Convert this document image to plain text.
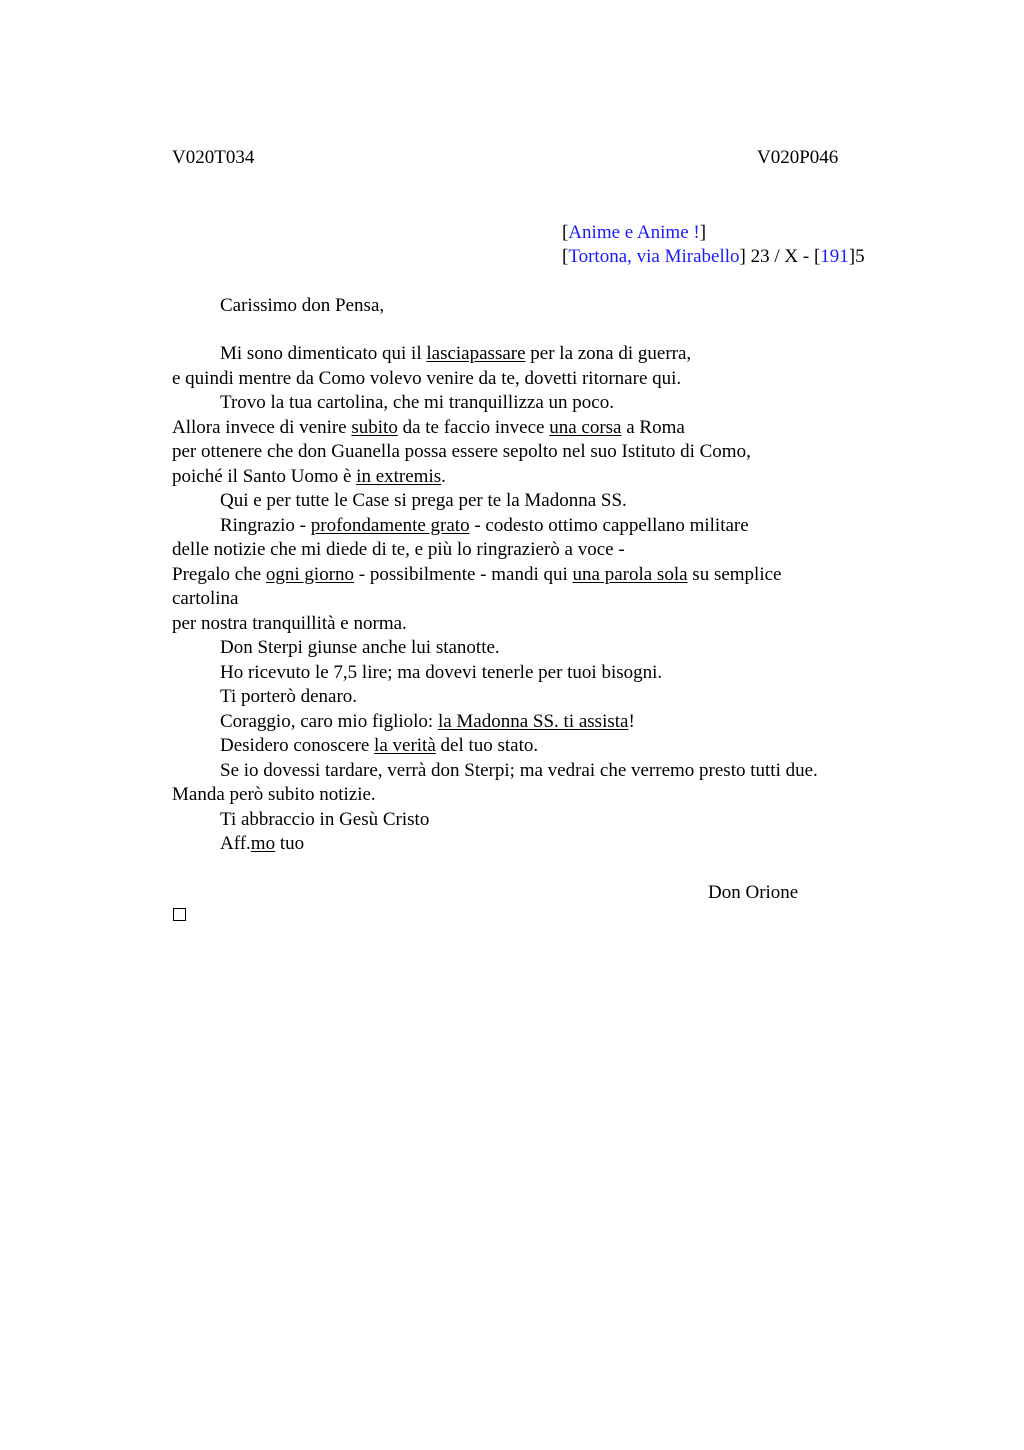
V020T034	V020P046
[Anime e Anime !]
[Tortona, via Mirabello] 23 / X - [191]5
Carissimo don Pensa,
Mi sono dimenticato qui il lasciapassare per la zona di guerra,
e quindi mentre da Como volevo venire da te, dovetti ritornare qui.
Trovo la tua cartolina, che mi tranquillizza un poco.
Allora invece di venire subito da te faccio invece una corsa a Roma
per ottenere che don Guanella possa essere sepolto nel suo Istituto di Como,
poiché il Santo Uomo è in extremis.
Qui e per tutte le Case si prega per te la Madonna SS.
Ringrazio - profondamente grato - codesto ottimo cappellano militare
delle notizie che mi diede di te, e più lo ringrazierò a voce -
Pregalo che ogni giorno - possibilmente - mandi qui una parola sola su semplice
cartolina
per nostra tranquillità e norma.
Don Sterpi giunse anche lui stanotte.
Ho ricevuto le 7,5 lire; ma dovevi tenerle per tuoi bisogni.
Ti porterò denaro.
Coraggio, caro mio figliolo: la Madonna SS. ti assista!
Desidero conoscere la verità del tuo stato.
Se io dovessi tardare, verrà don Sterpi; ma vedrai che verremo presto tutti due.
Manda però subito notizie.
Ti abbraccio in Gesù Cristo
Aff.mo tuo
Don Orione
